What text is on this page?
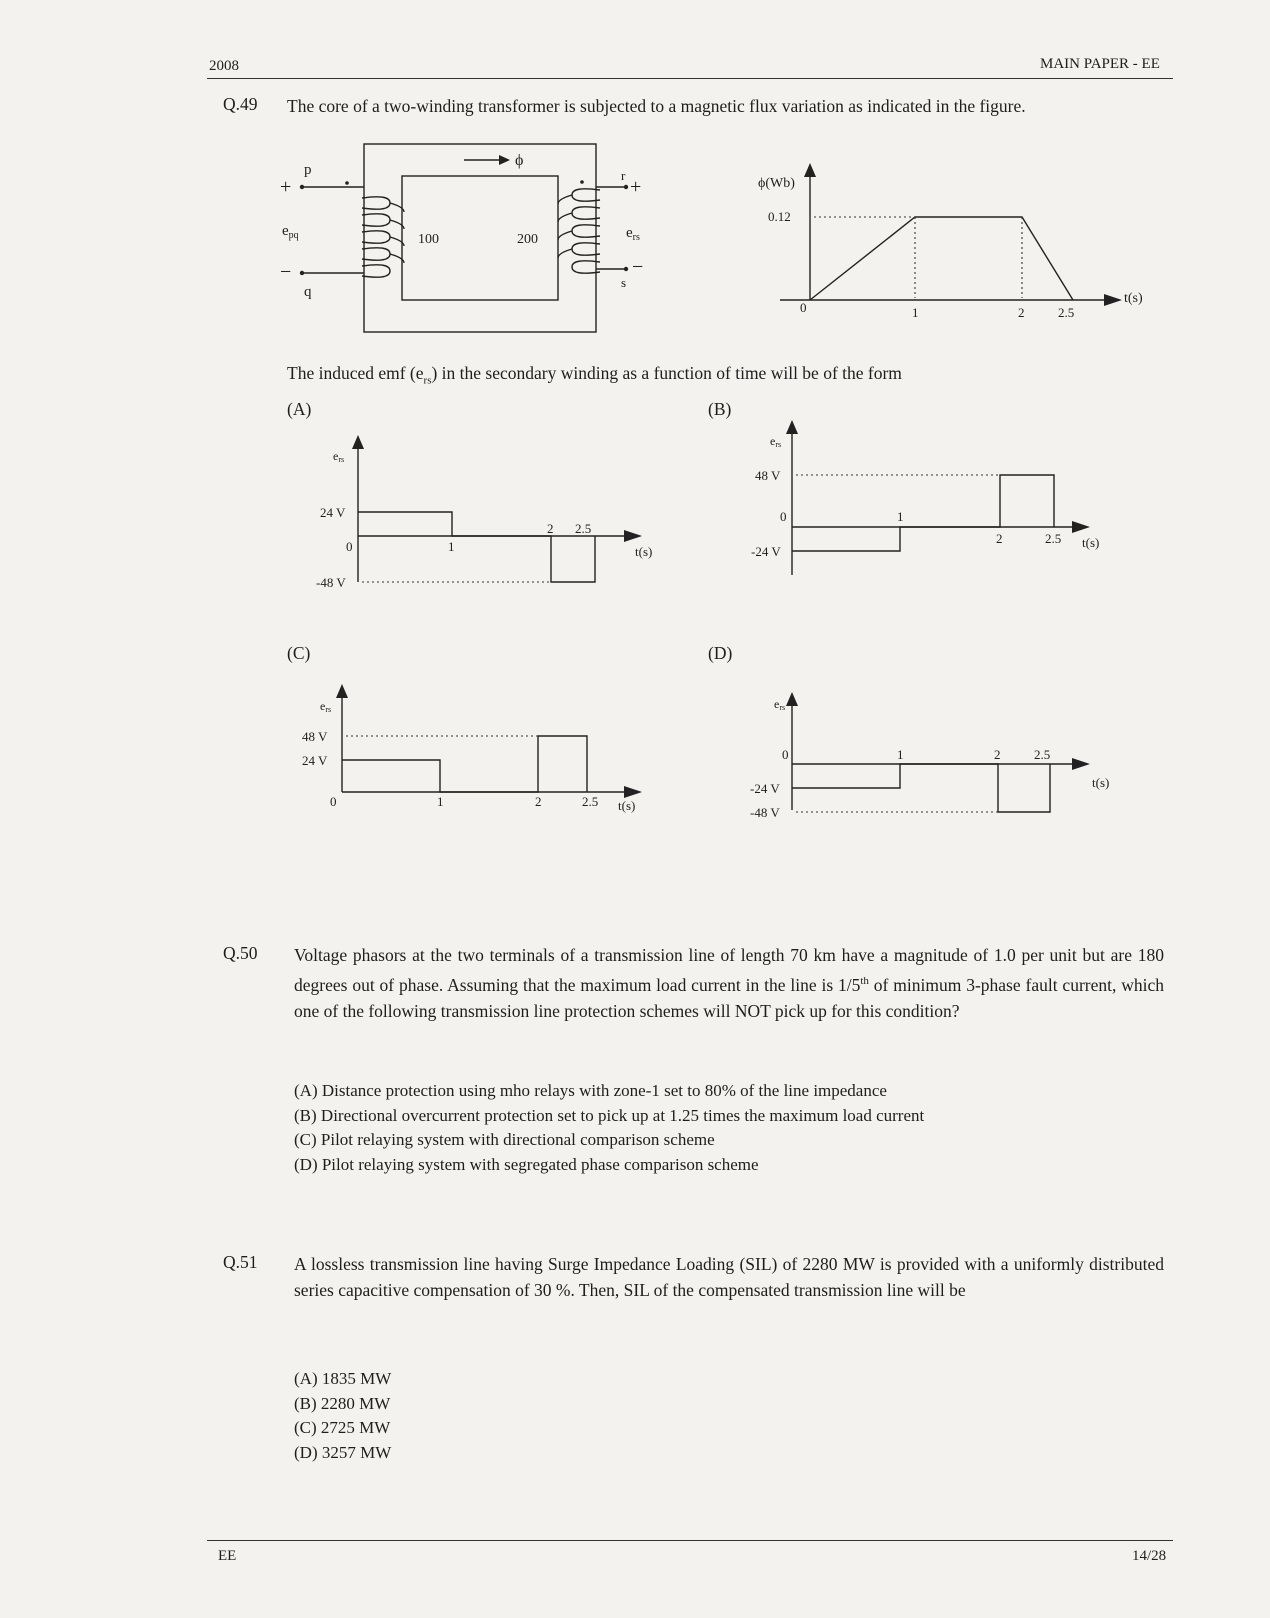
2008	MAIN PAPER - EE
Q.49 The core of a two-winding transformer is subjected to a magnetic flux variation as indicated in the figure.
ϕ
p
q
r
s
+
−
+
−
$e_{pq}$	$e_{rs}$
100	200
ϕ(Wb)
0.12
t(s)
0	1	2	2.5
The induced emf $(e_{rs})$ in the secondary winding as a function of time will be of the form
(A)	(B)
(C)	(D)
ers
24 V
-48 V
0	1
2 2.5
t(s)
ers
48 V
-24 V
0	1
2	2.5 t(s)
ers
48 V
24 V
0	1	2	2.5 t(s)
ers
-24 V
-48 V
0	1	2	2.5
t(s)
Q.50 Voltage phasors at the two terminals of a transmission line of length 70 km have a magnitude of 1.0 per unit but are 180 degrees out of phase. Assuming that the maximum load current in the line is 1/5th of minimum 3-phase fault current, which one of the following transmission line protection schemes will NOT pick up for this condition?
(A) Distance protection using mho relays with zone-1 set to 80% of the line impedance
(B) Directional overcurrent protection set to pick up at 1.25 times the maximum load current
(C) Pilot relaying system with directional comparison scheme
(D) Pilot relaying system with segregated phase comparison scheme
Q.51 A lossless transmission line having Surge Impedance Loading (SIL) of 2280 MW is provided with a uniformly distributed series capacitive compensation of 30 %. Then, SIL of the compensated transmission line will be
(A) 1835 MW
(B) 2280 MW
(C) 2725 MW
(D) 3257 MW
EE	14/28
